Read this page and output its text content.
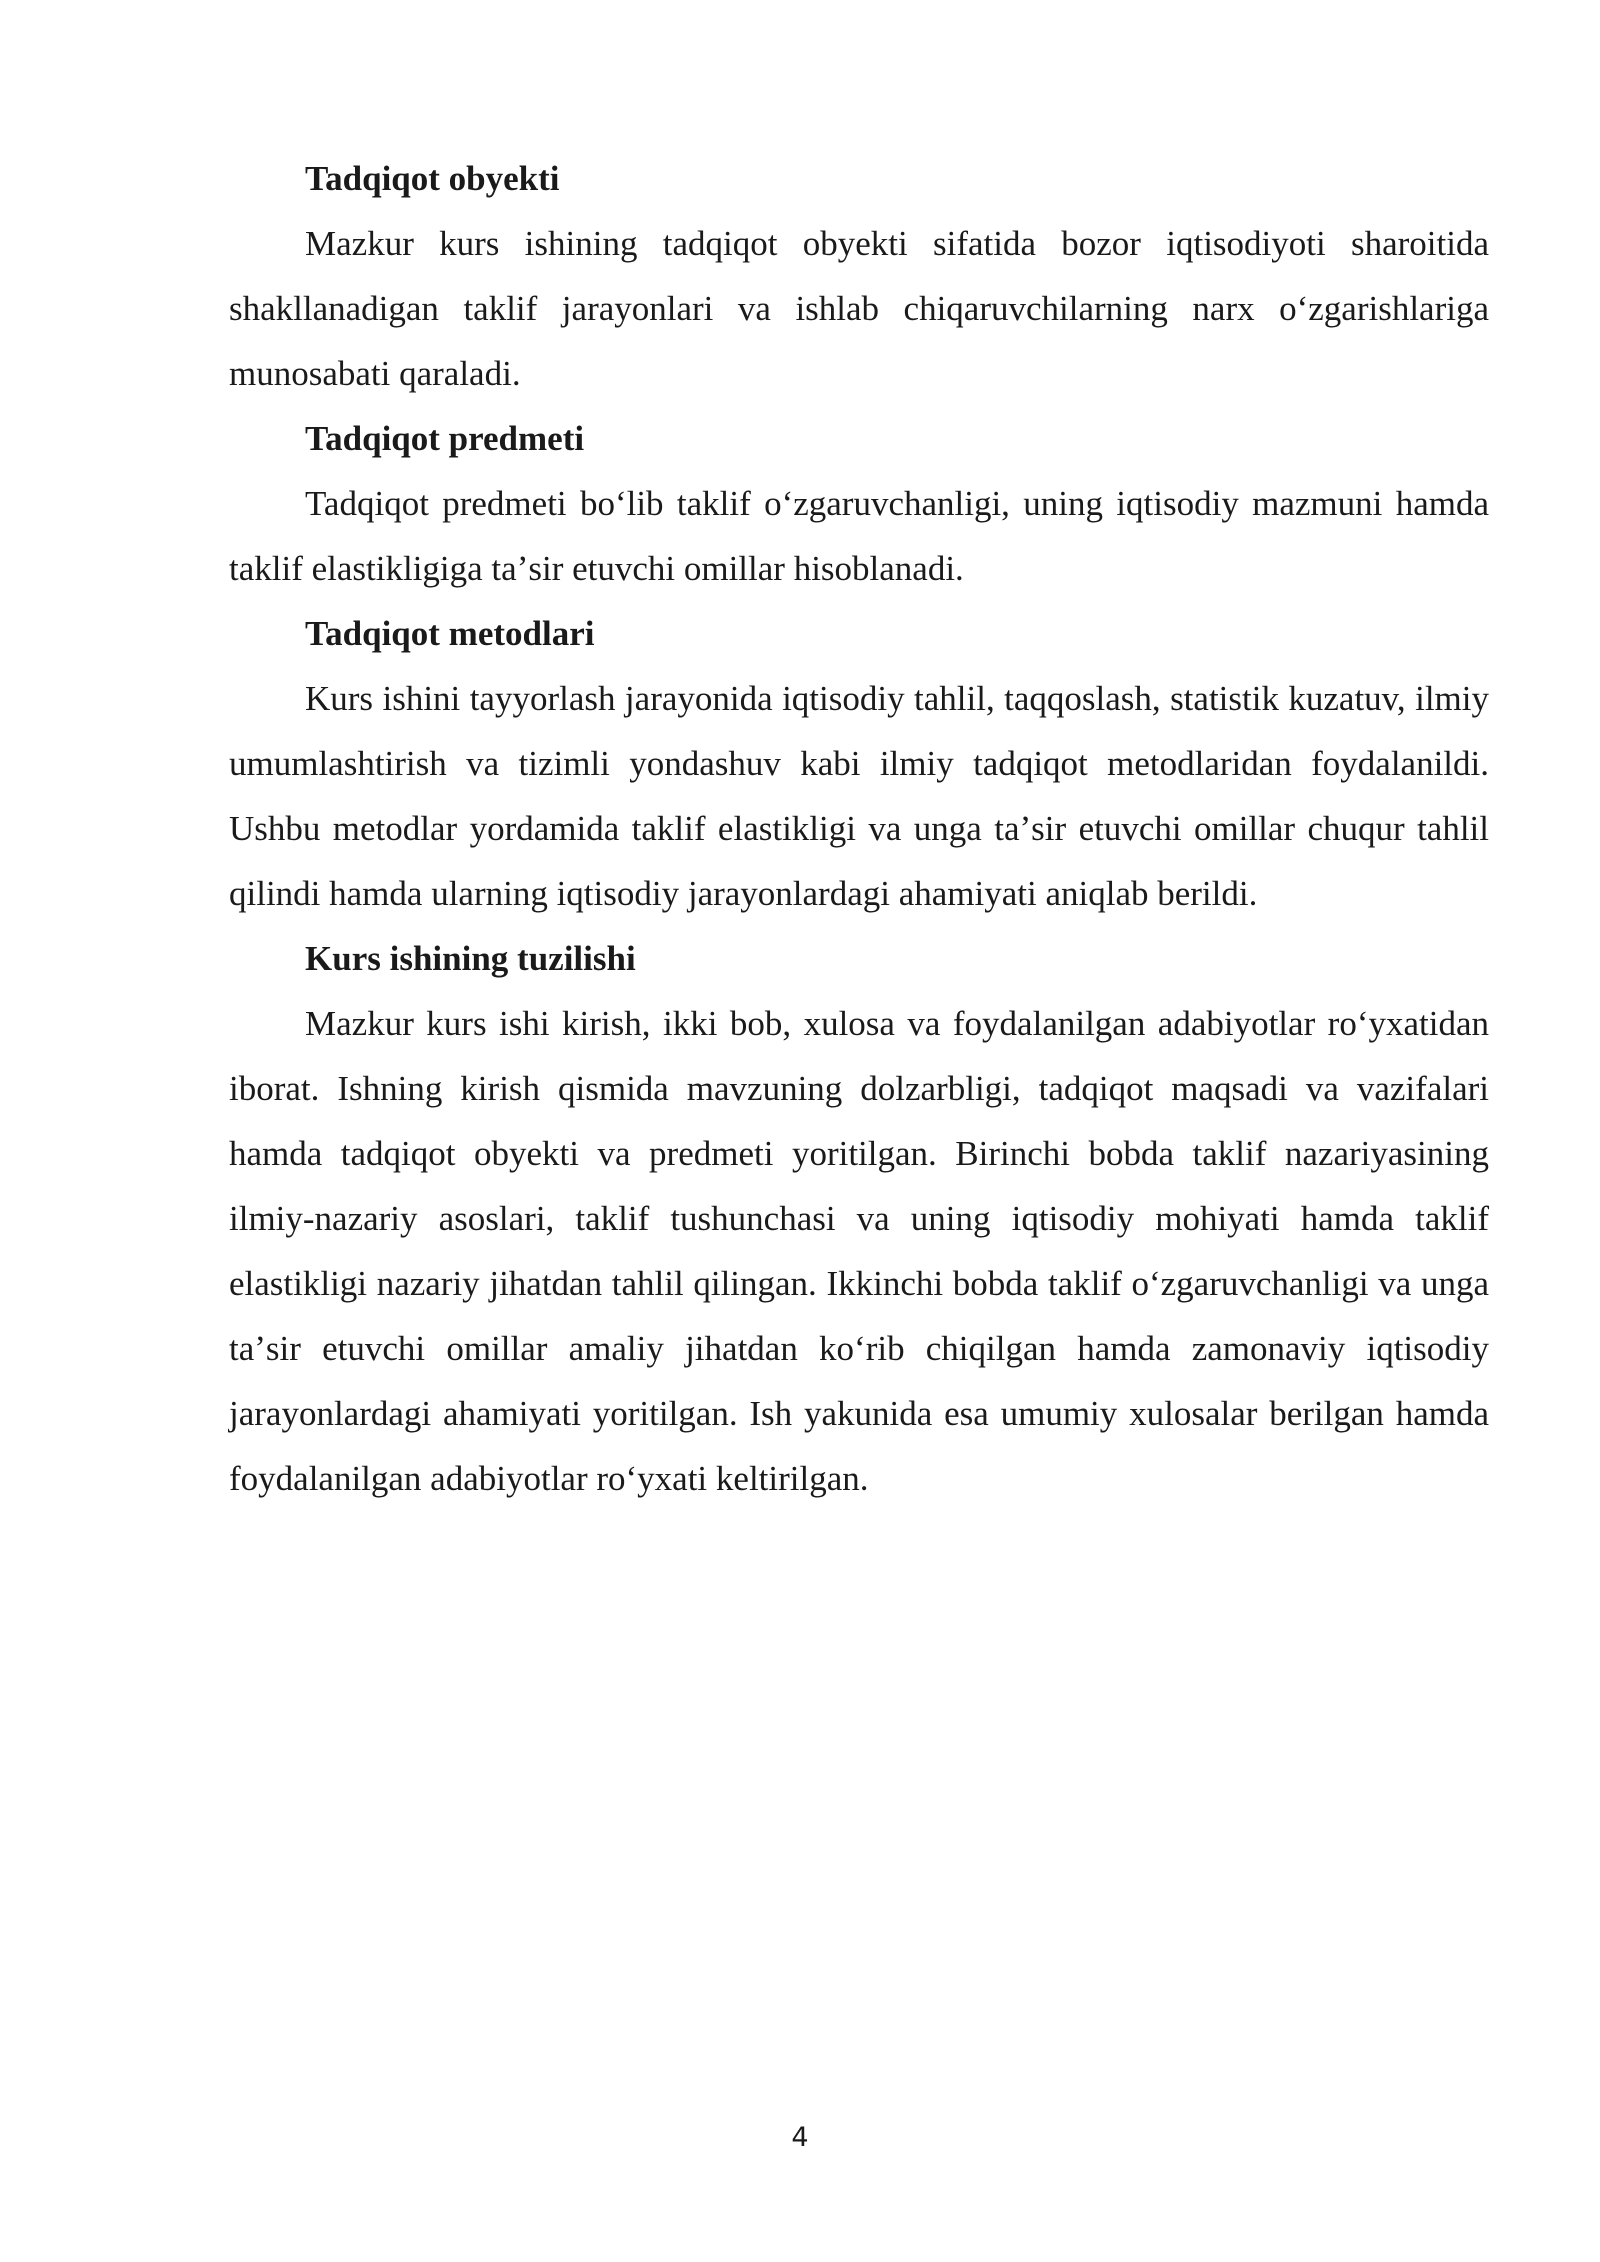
Tadqiqot obyekti

Mazkur kurs ishining tadqiqot obyekti sifatida bozor iqtisodiyoti sharoitida shakllanadigan taklif jarayonlari va ishlab chiqaruvchilarning narx oʻzgarishlariga munosabati qaraladi.

Tadqiqot predmeti

Tadqiqot predmeti boʻlib taklif oʻzgaruvchanligi, uning iqtisodiy mazmuni hamda taklif elastikligiga taʼsir etuvchi omillar hisoblanadi.

Tadqiqot metodlari

Kurs ishini tayyorlash jarayonida iqtisodiy tahlil, taqqoslash, statistik kuzatuv, ilmiy umumlashtirish va tizimli yondashuv kabi ilmiy tadqiqot metodlaridan foydalanildi. Ushbu metodlar yordamida taklif elastikligi va unga taʼsir etuvchi omillar chuqur tahlil qilindi hamda ularning iqtisodiy jarayonlardagi ahamiyati aniqlab berildi.

Kurs ishining tuzilishi

Mazkur kurs ishi kirish, ikki bob, xulosa va foydalanilgan adabiyotlar roʻyxatidan iborat. Ishning kirish qismida mavzuning dolzarbligi, tadqiqot maqsadi va vazifalari hamda tadqiqot obyekti va predmeti yoritilgan. Birinchi bobda taklif nazariyasining ilmiy-nazariy asoslari, taklif tushunchasi va uning iqtisodiy mohiyati hamda taklif elastikligi nazariy jihatdan tahlil qilingan. Ikkinchi bobda taklif oʻzgaruvchanligi va unga taʼsir etuvchi omillar amaliy jihatdan koʻrib chiqilgan hamda zamonaviy iqtisodiy jarayonlardagi ahamiyati yoritilgan. Ish yakunida esa umumiy xulosalar berilgan hamda foydalanilgan adabiyotlar roʻyxati keltirilgan.

4
